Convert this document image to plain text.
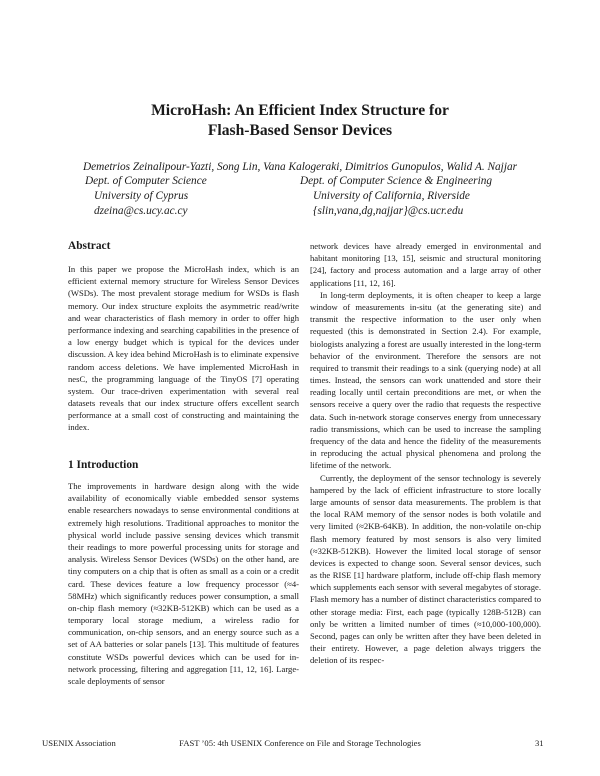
MicroHash: An Efficient Index Structure for
Flash-Based Sensor Devices
Demetrios Zeinalipour-Yazti, Song Lin, Vana Kalogeraki, Dimitrios Gunopulos, Walid A. Najjar
Dept. of Computer Science
University of Cyprus
dzeina@cs.ucy.ac.cy
Dept. of Computer Science & Engineering
University of California, Riverside
{slin,vana,dg,najjar}@cs.ucr.edu
Abstract

In this paper we propose the MicroHash index, which is an efficient external memory structure for Wireless Sensor Devices (WSDs). The most prevalent storage medium for WSDs is flash memory. Our index structure exploits the asymmetric read/write and wear characteristics of flash memory in order to offer high performance indexing and searching capabilities in the presence of a low energy budget which is typical for the devices under discussion. A key idea behind MicroHash is to eliminate expensive random access deletions. We have implemented MicroHash in nesC, the programming language of the TinyOS [7] operating system. Our trace-driven experimentation with several real datasets reveals that our index structure offers excellent search performance at a small cost of constructing and maintaining the index.

1 Introduction

The improvements in hardware design along with the wide availability of economically viable embedded sensor systems enable researchers nowadays to sense environmental conditions at extremely high resolutions. Traditional approaches to monitor the physical world include passive sensing devices which transmit their readings to more powerful processing units for storage and analysis. Wireless Sensor Devices (WSDs) on the other hand, are tiny computers on a chip that is often as small as a coin or a credit card. These devices feature a low frequency processor (≈4-58MHz) which significantly reduces power consumption, a small on-chip flash memory (≈32KB-512KB) which can be used as a temporary local storage medium, a wireless radio for communication, on-chip sensors, and an energy source such as a set of AA batteries or solar panels [13]. This multitude of features constitute WSDs powerful devices which can be used for in-network processing, filtering and aggregation [11, 12, 16]. Large-scale deployments of sensor

network devices have already emerged in environmental and habitant monitoring [13, 15], seismic and structural monitoring [24], factory and process automation and a large array of other applications [11, 12, 16].

In long-term deployments, it is often cheaper to keep a large window of measurements in-situ (at the generating site) and transmit the respective information to the user only when requested (this is demonstrated in Section 2.4). For example, biologists analyzing a forest are usually interested in the long-term behavior of the environment. Therefore the sensors are not required to transmit their readings to a sink (querying node) at all times. Instead, the sensors can work unattended and store their reading locally until certain preconditions are met, or when the sensors receive a query over the radio that requests the respective data. Such in-network storage conserves energy from unnecessary radio transmissions, which can be used to increase the sampling frequency of the data and hence the fidelity of the measurements in reproducing the actual physical phenomena and prolong the lifetime of the network.

Currently, the deployment of the sensor technology is severely hampered by the lack of efficient infrastructure to store locally large amounts of sensor data measurements. The problem is that the local RAM memory of the sensor nodes is both volatile and very limited (≈2KB-64KB). In addition, the non-volatile on-chip flash memory featured by most sensors is also very limited (≈32KB-512KB). However the limited local storage of sensor devices is expected to change soon. Several sensor devices, such as the RISE [1] hardware platform, include off-chip flash memory which supplements each sensor with several megabytes of storage. Flash memory has a number of distinct characteristics compared to other storage media: First, each page (typically 128B-512B) can only be written a limited number of times (≈10,000-100,000). Second, pages can only be written after they have been deleted in their entirety. However, a page deletion always triggers the deletion of its respec-

USENIX Association	FAST ’05: 4th USENIX Conference on File and Storage Technologies	31
